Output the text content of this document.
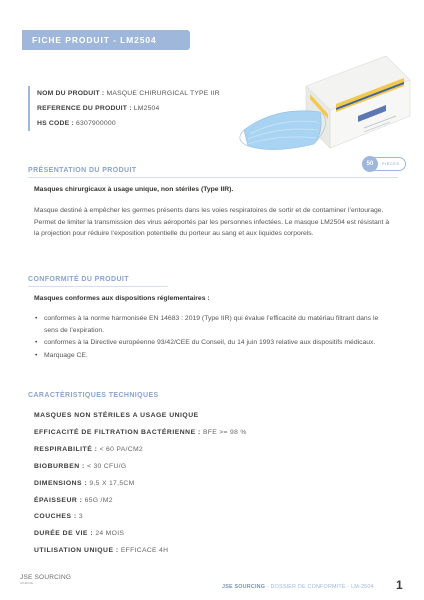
FICHE PRODUIT - LM2504
NOM DU PRODUIT : MASQUE CHIRURGICAL TYPE IIR
REFERENCE DU PRODUIT : LM2504
HS CODE : 6307900000
50	PIÈCES
PRÉSENTATION DU PRODUIT
Masques chirurgicaux à usage unique, non stériles (Type IIR).
Masque destiné à empêcher les germes présents dans les voies respiratoires de sortir et de contaminer l’entourage. Permet de limiter la transmission des virus aéroportés par les personnes infectées. Le masque LM2504 est résistant à la projection pour réduire l’exposition potentielle du porteur au sang et aux liquides corporels.
CONFORMITÉ DU PRODUIT
Masques conformes aux dispositions réglementaires :
• conformes à la norme harmonisée EN 14683 : 2019 (Type IIR) qui évalue l’efficacité du matériau filtrant dans le sens de l’expiration.
• conformes à la Directive européenne 93/42/CEE du Conseil, du 14 juin 1993 relative aux dispositifs médicaux.
• Marquage CE.
CARACTÉRISTIQUES TECHNIQUES
MASQUES NON STÉRILES A USAGE UNIQUE
EFFICACITÉ DE FILTRATION BACTÉRIENNE : BFE >= 98 %
RESPIRABILITÉ : < 60 PA/CM2
BIOBURBEN : < 30 CFU/G
DIMENSIONS : 9,5 X 17,5CM
ÉPAISSEUR : 65G /M2
COUCHES : 3
DURÉE DE VIE : 24 MOIS
UTILISATION UNIQUE : EFFICACE 4H
JSE SOURCING
SOURCING
JSE SOURCING - DOSSIER DE CONFORMITÉ - LM-2504 1
